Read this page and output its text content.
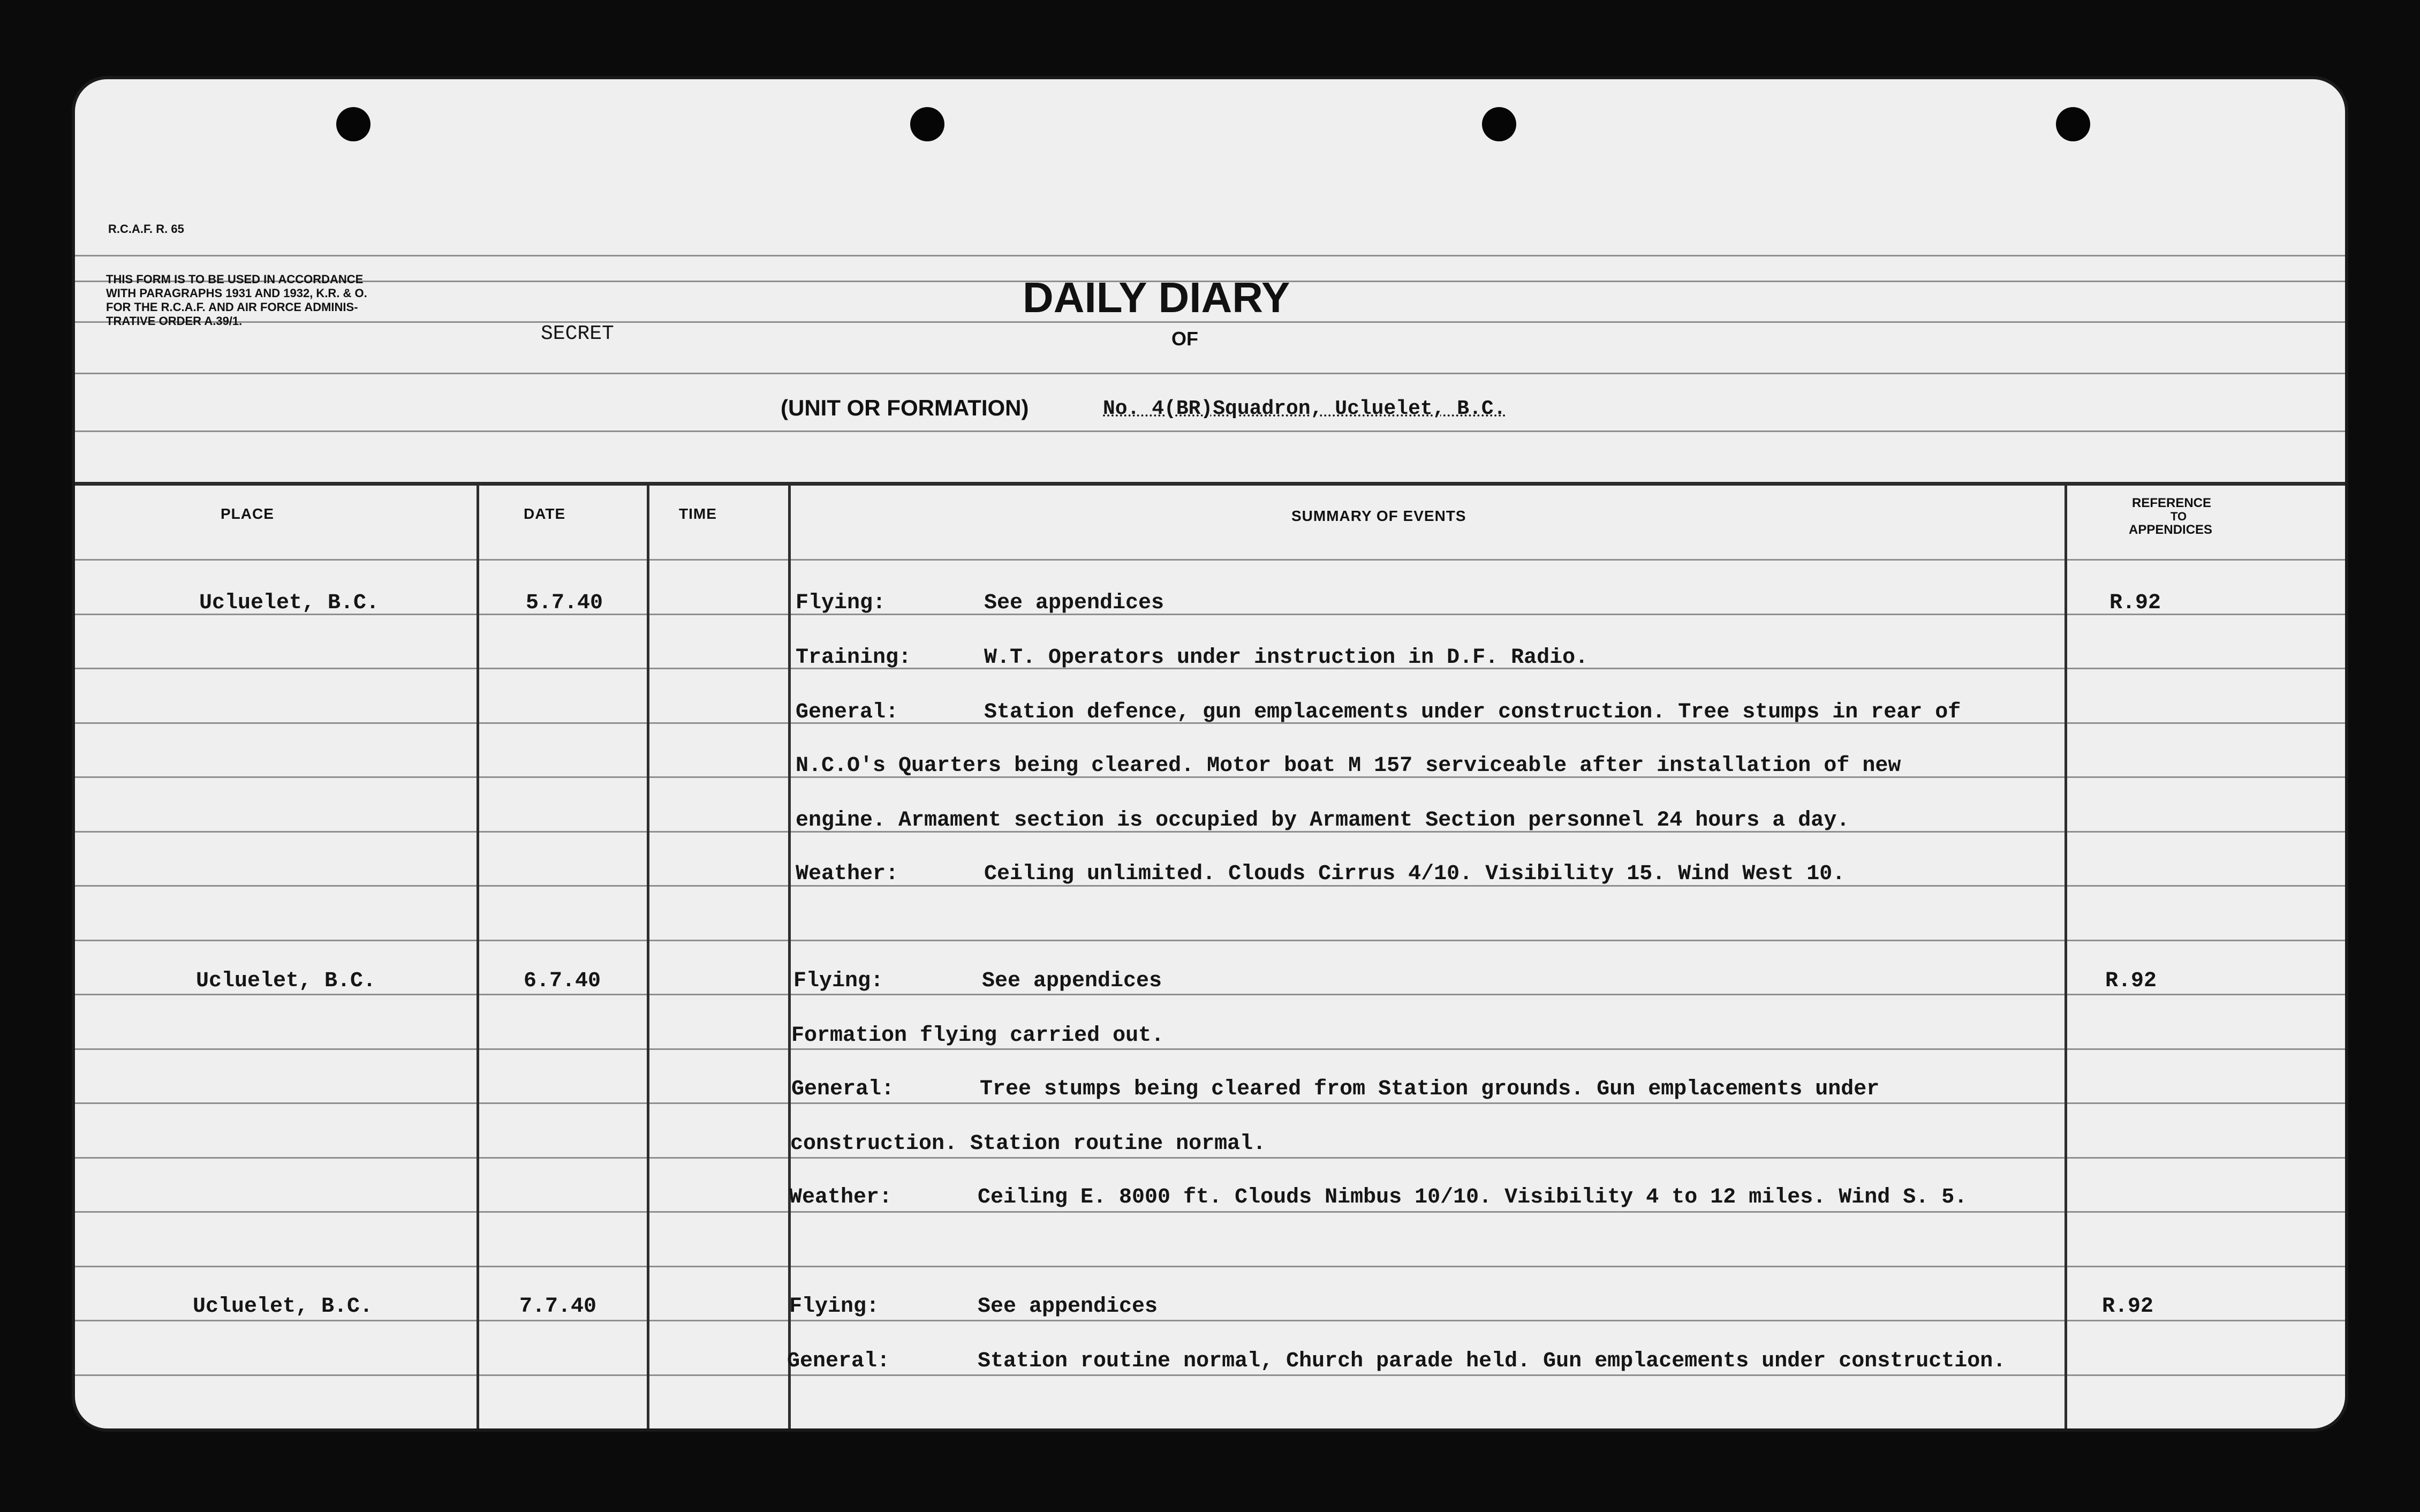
R.C.A.F. R. 65
THIS FORM IS TO BE USED IN ACCORDANCE
WITH PARAGRAPHS 1931 AND 1932, K.R. & O.
FOR THE R.C.A.F. AND AIR FORCE ADMINIS-
TRATIVE ORDER A.39/1.
SECRET
DAILY DIARY
OF
(UNIT OR FORMATION)	No. 4(BR)Squadron, Ucluelet, B.C.
PLACE	DATE	TIME	SUMMARY OF EVENTS
REFERENCE
TO
APPENDICES
Ucluelet, B.C.	5.7.40	R.92
Flying:	See appendices
Training:	W.T. Operators under instruction in D.F. Radio.
General:	Station defence, gun emplacements under construction. Tree stumps in rear of
N.C.O's Quarters being cleared. Motor boat M 157 serviceable after installation of new
engine. Armament section is occupied by Armament Section personnel 24 hours a day.
Weather:	Ceiling unlimited. Clouds Cirrus 4/10. Visibility 15. Wind West 10.
Ucluelet, B.C.	6.7.40	R.92
Flying:	See appendices
Formation flying carried out.
General:	Tree stumps being cleared from Station grounds. Gun emplacements under
construction. Station routine normal.
Weather:	Ceiling E. 8000 ft. Clouds Nimbus 10/10. Visibility 4 to 12 miles. Wind S. 5.
Ucluelet, B.C.	7.7.40	R.92
Flying:	See appendices
General:	Station routine normal, Church parade held. Gun emplacements under construction.
